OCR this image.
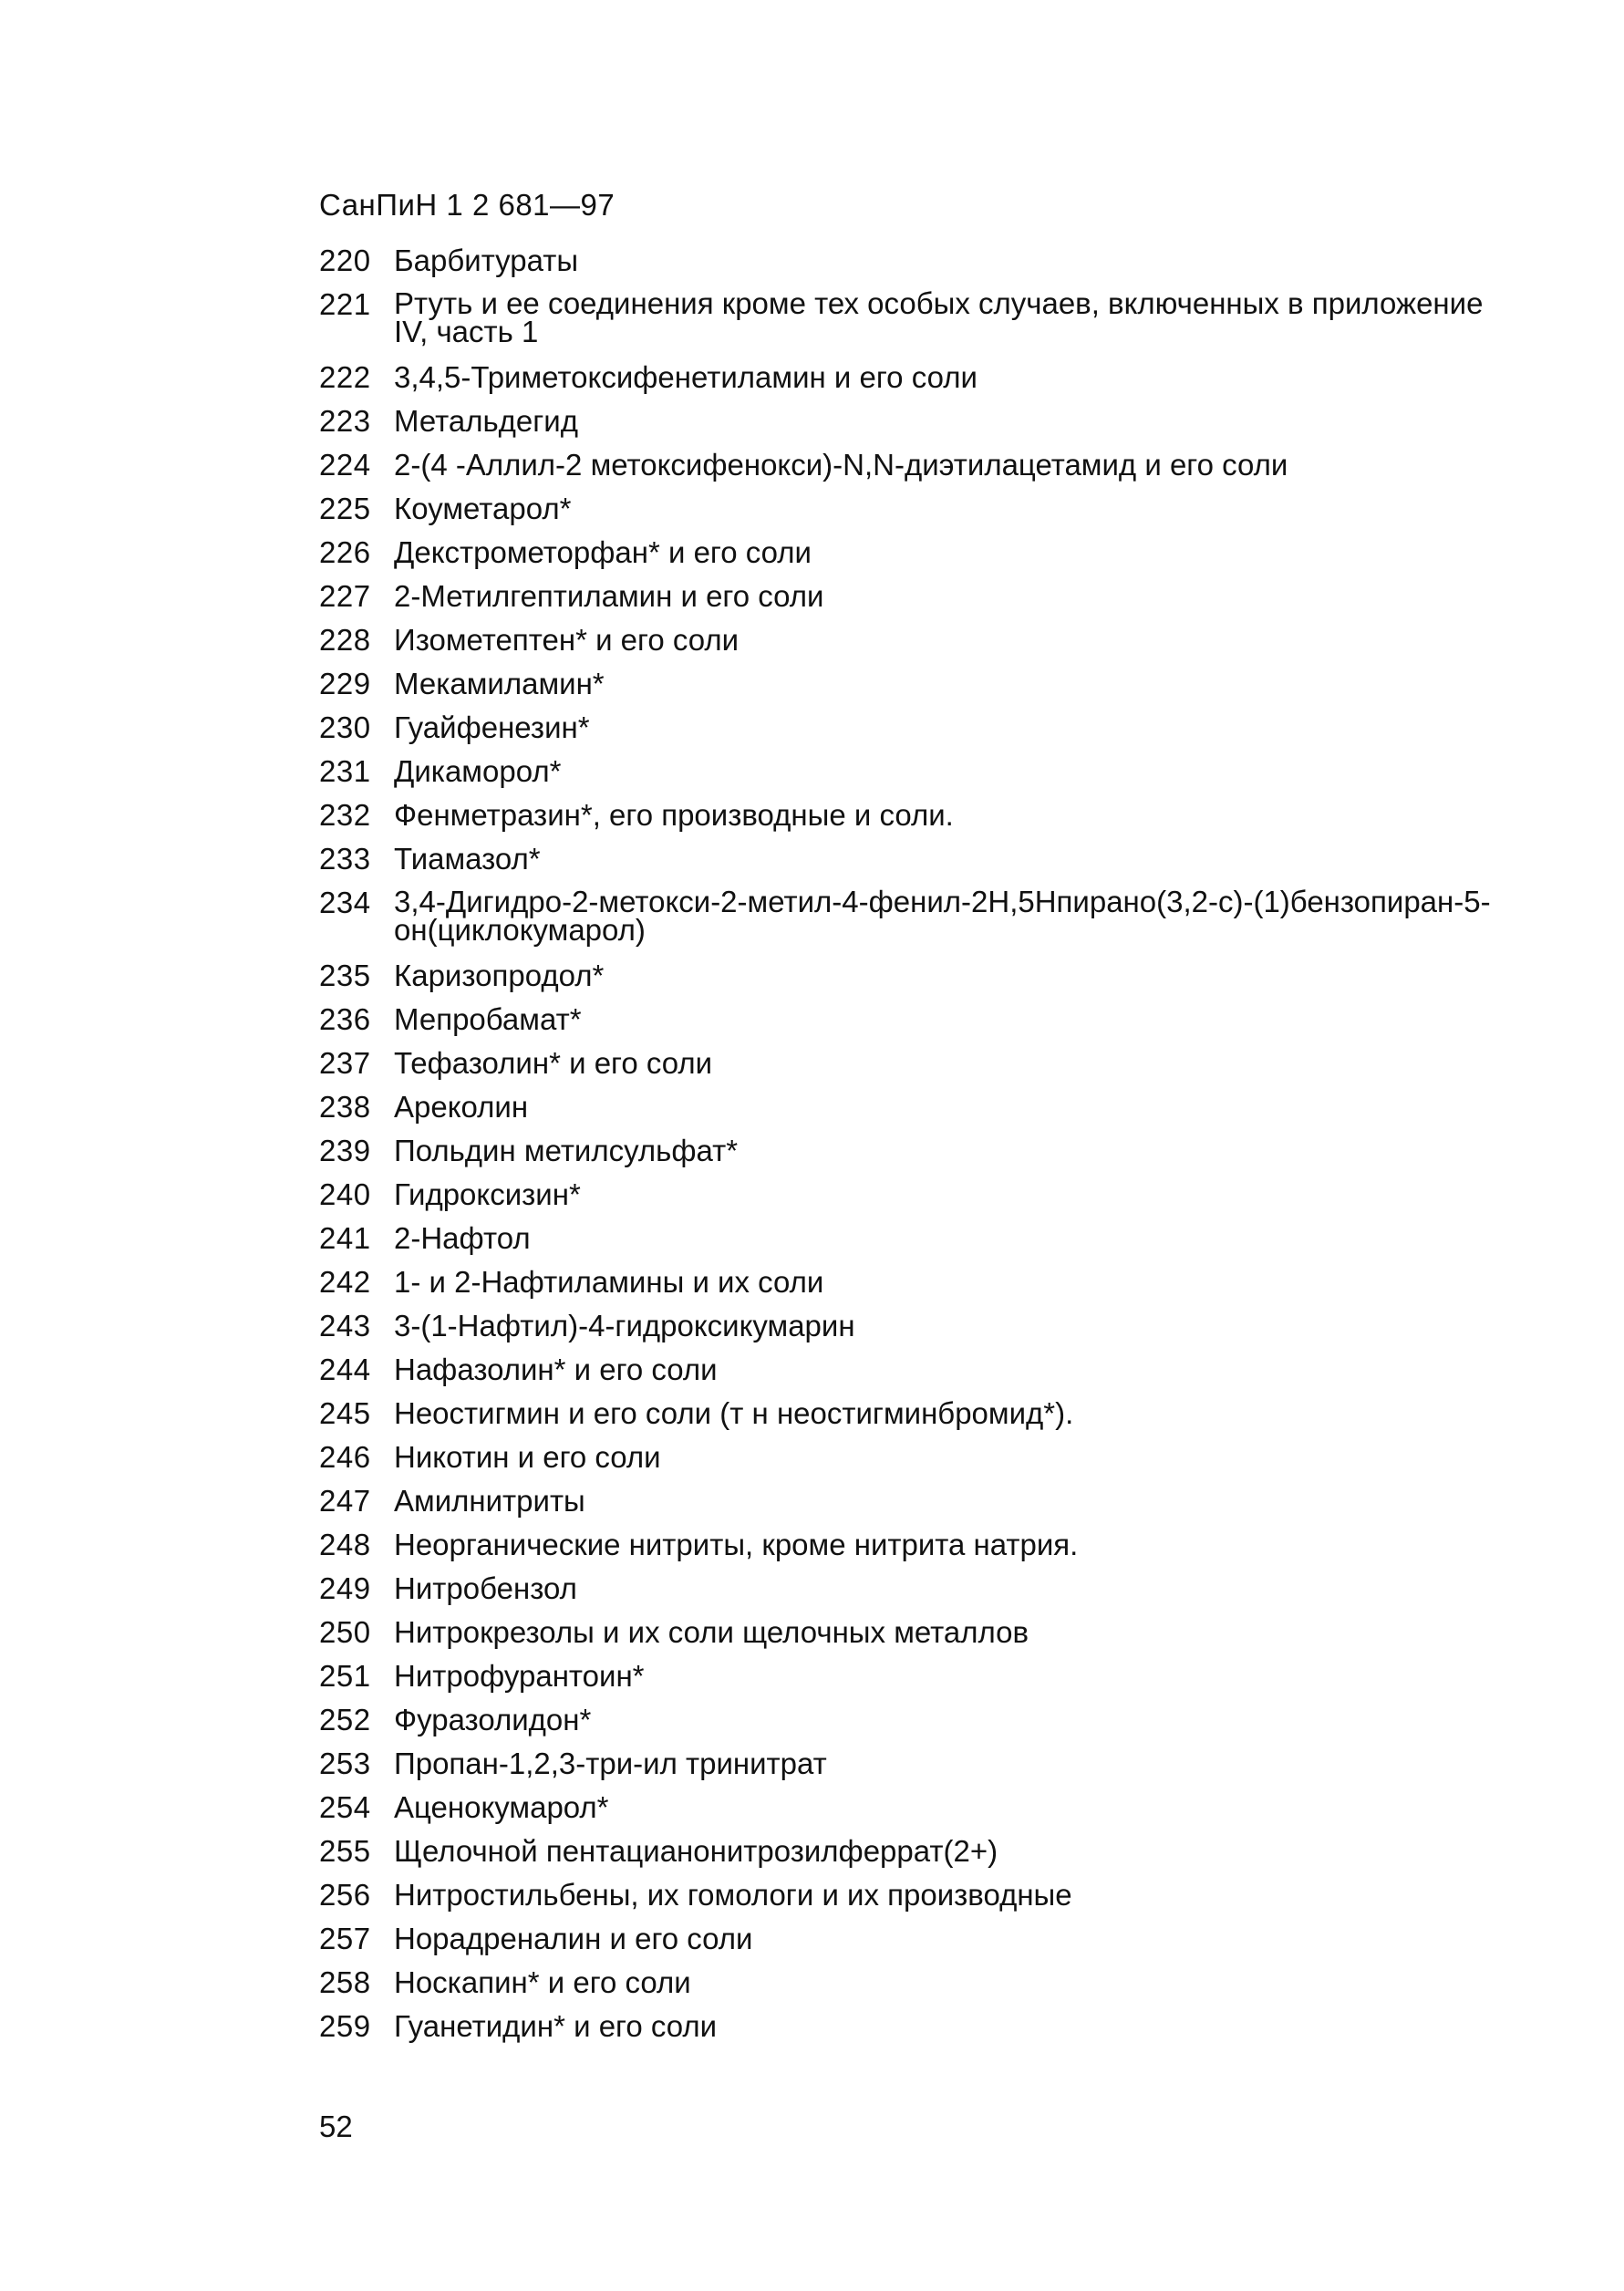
СанПиН 1 2 681—97
220 Барбитураты
221 Ртуть и ее соединения кроме тех особых случаев, включенных в приложение IV, часть 1
222 3,4,5-Триметоксифенетиламин и его соли
223 Метальдегид
224 2-(4 -Аллил-2 метоксифенокси)-N,N-диэтилацетамид и его соли
225 Коуметарол*
226 Декстрометорфан* и его соли
227 2-Метилгептиламин и его соли
228 Изометептен* и его соли
229 Мекамиламин*
230 Гуайфенезин*
231 Дикаморол*
232 Фенметразин*, его производные и соли.
233 Тиамазол*
234 3,4-Дигидро-2-метокси-2-метил-4-фенил-2Н,5Нпирано(3,2-с)-(1)бензопиран-5-он(циклокумарол)
235 Каризопродол*
236 Мепробамат*
237 Тефазолин* и его соли
238 Ареколин
239 Польдин метилсульфат*
240 Гидроксизин*
241 2-Нафтол
242 1- и 2-Нафтиламины и их соли
243 3-(1-Нафтил)-4-гидроксикумарин
244 Нафазолин* и его соли
245 Неостигмин и его соли (т н неостигминбромид*).
246 Никотин и его соли
247 Амилнитриты
248 Неорганические нитриты, кроме нитрита натрия.
249 Нитробензол
250 Нитрокрезолы и их соли щелочных металлов
251 Нитрофурантоин*
252 Фуразолидон*
253 Пропан-1,2,3-три-ил тринитрат
254 Аценокумарол*
255 Щелочной пентацианонитрозилферрат(2+)
256 Нитростильбены, их гомологи и их производные
257 Норадреналин и его соли
258 Носкапин* и его соли
259 Гуанетидин* и его соли
52
